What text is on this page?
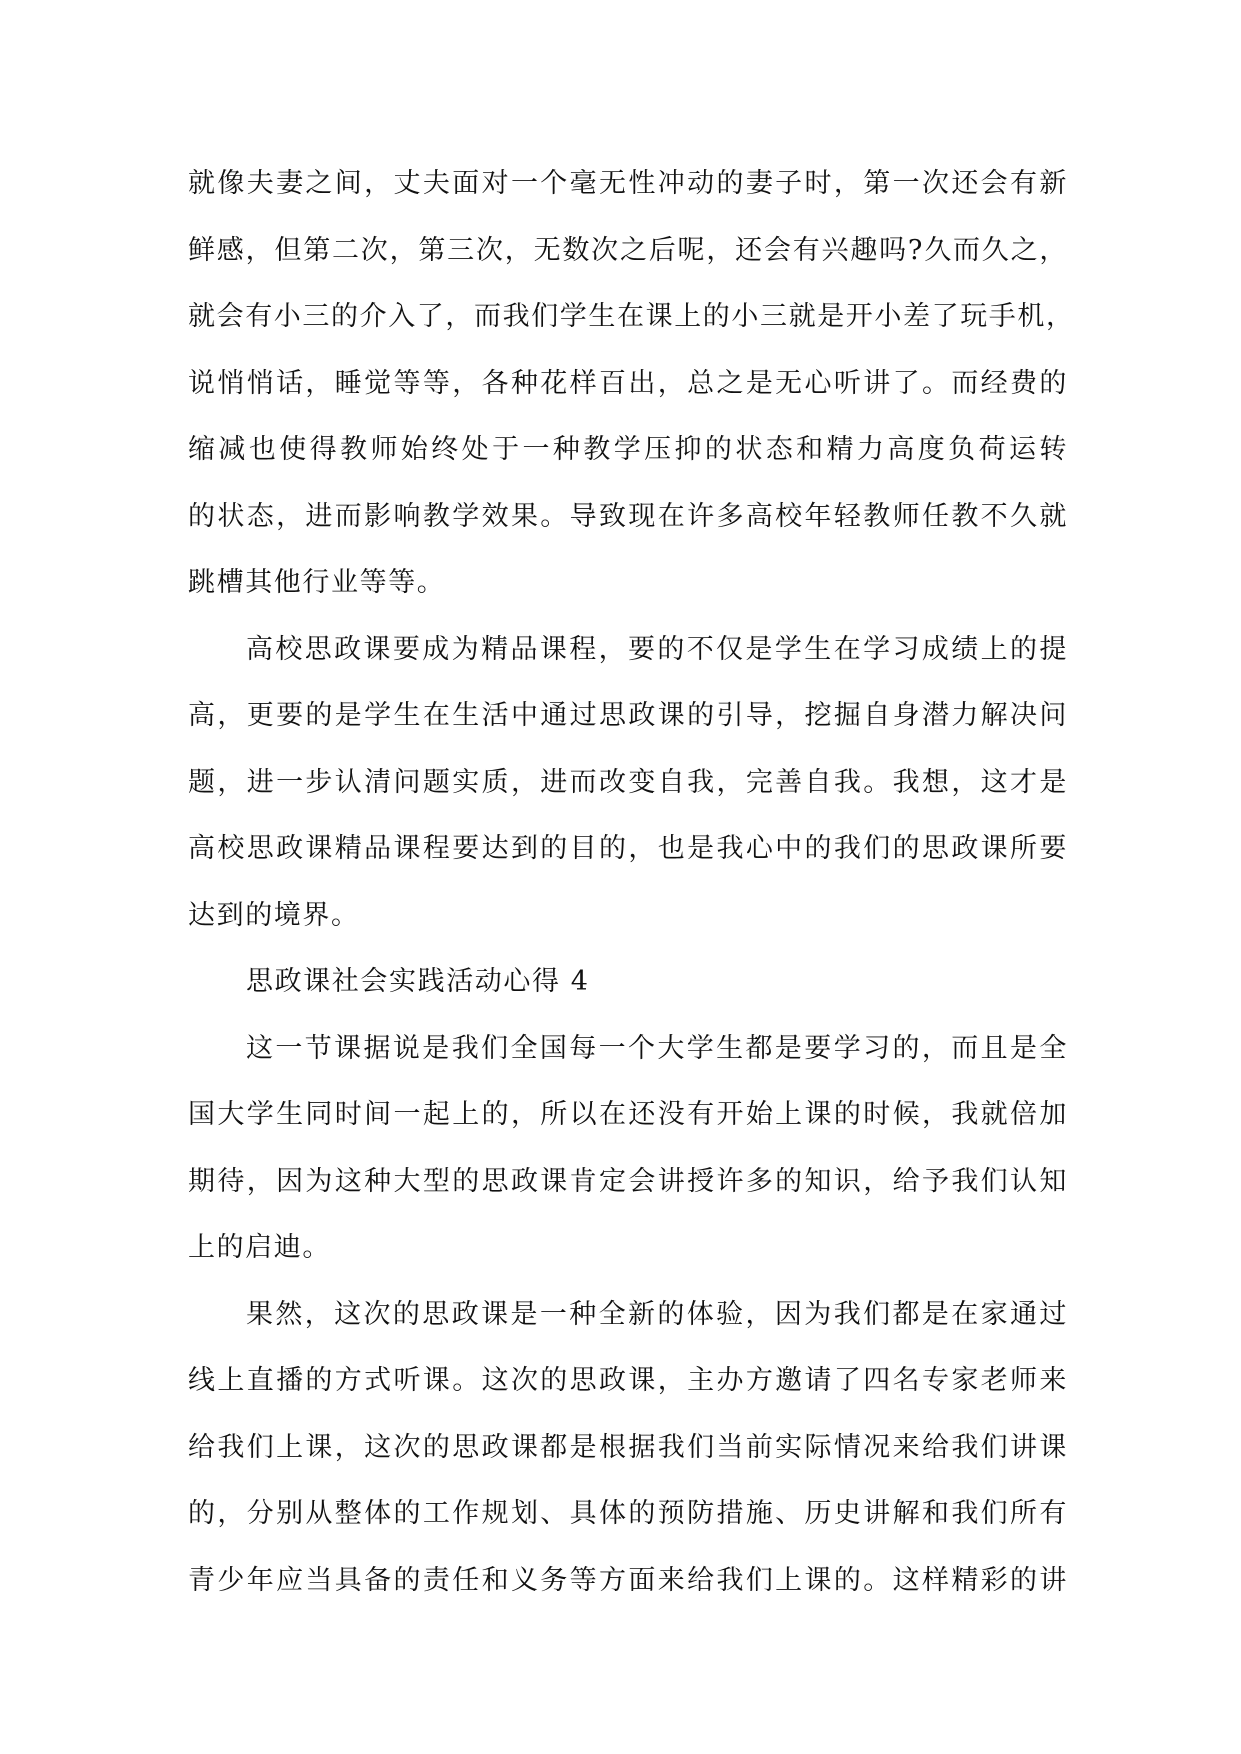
就像夫妻之间，丈夫面对一个毫无性冲动的妻子时，第一次还会有新
鲜感，但第二次，第三次，无数次之后呢，还会有兴趣吗?久而久之，
就会有小三的介入了，而我们学生在课上的小三就是开小差了玩手机，
说悄悄话，睡觉等等，各种花样百出，总之是无心听讲了。而经费的
缩减也使得教师始终处于一种教学压抑的状态和精力高度负荷运转
的状态，进而影响教学效果。导致现在许多高校年轻教师任教不久就
跳槽其他行业等等。
高校思政课要成为精品课程，要的不仅是学生在学习成绩上的提
高，更要的是学生在生活中通过思政课的引导，挖掘自身潜力解决问
题，进一步认清问题实质，进而改变自我，完善自我。我想，这才是
高校思政课精品课程要达到的目的，也是我心中的我们的思政课所要
达到的境界。
思政课社会实践活动心得 4
这一节课据说是我们全国每一个大学生都是要学习的，而且是全
国大学生同时间一起上的，所以在还没有开始上课的时候，我就倍加
期待，因为这种大型的思政课肯定会讲授许多的知识，给予我们认知
上的启迪。
果然，这次的思政课是一种全新的体验，因为我们都是在家通过
线上直播的方式听课。这次的思政课，主办方邀请了四名专家老师来
给我们上课，这次的思政课都是根据我们当前实际情况来给我们讲课
的，分别从整体的工作规划、具体的预防措施、历史讲解和我们所有
青少年应当具备的责任和义务等方面来给我们上课的。这样精彩的讲
